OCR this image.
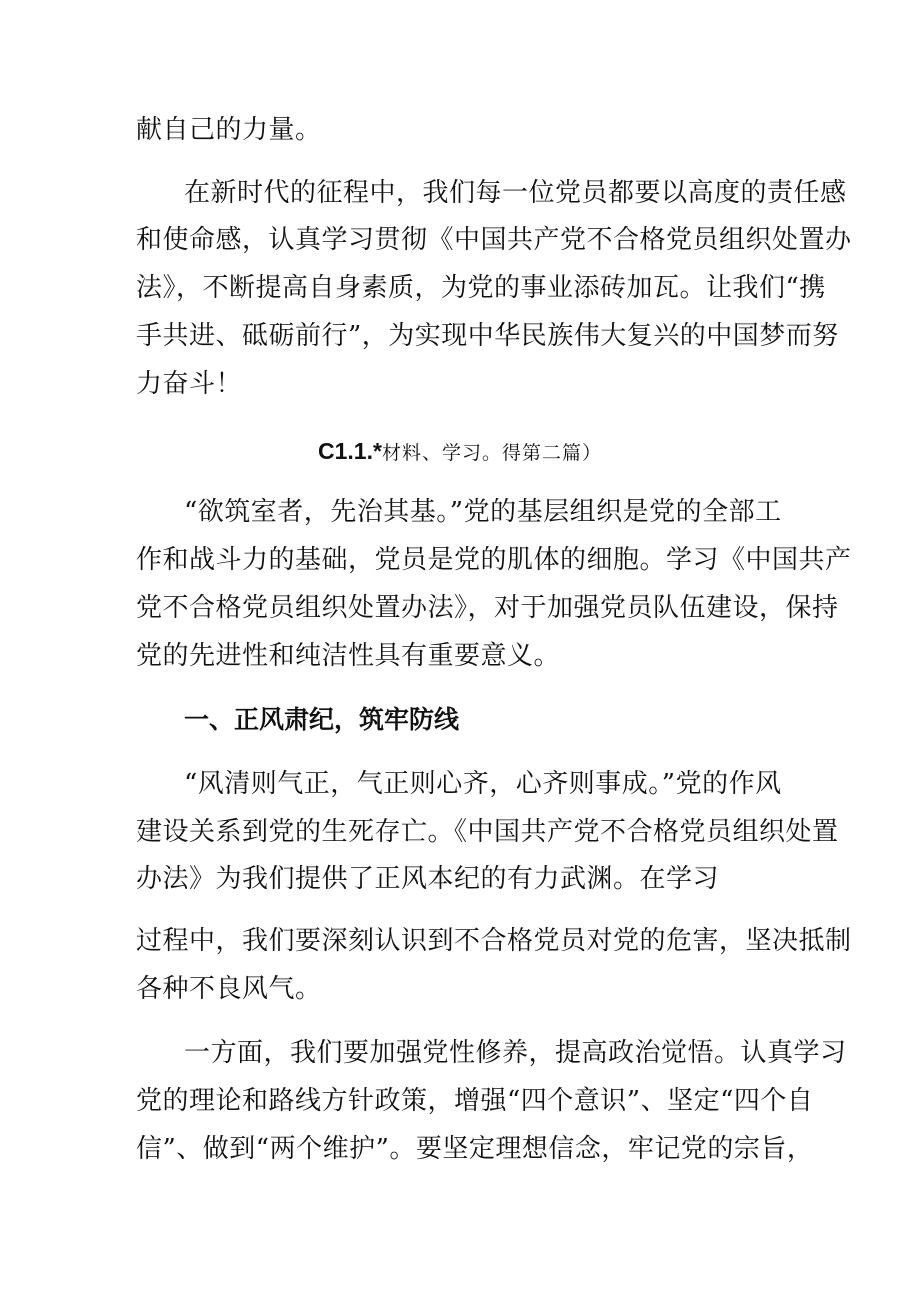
献自己的力量。
在新时代的征程中，我们每一位党员都要以高度的责任感
和使命感，认真学习贯彻《中国共产党不合格党员组织处置办
法》，不断提高自身素质，为党的事业添砖加瓦。让我们“携
手共进、砥砺前行”，为实现中华民族伟大复兴的中国梦而努
力奋斗！
C1.1.*材料、学习。得第二篇）
“欲筑室者，先治其基。”党的基层组织是党的全部工
作和战斗力的基础，党员是党的肌体的细胞。学习《中国共产
党不合格党员组织处置办法》，对于加强党员队伍建设，保持
党的先进性和纯洁性具有重要意义。
一、正风肃纪，筑牢防线
“风清则气正，气正则心齐，心齐则事成。”党的作风
建设关系到党的生死存亡。《中国共产党不合格党员组织处置
办法》为我们提供了正风本纪的有力武渊。在学习
过程中，我们要深刻认识到不合格党员对党的危害，坚决抵制
各种不良风气。
一方面，我们要加强党性修养，提高政治觉悟。认真学习
党的理论和路线方针政策，增强“四个意识”、坚定“四个自
信”、做到“两个维护”。要坚定理想信念，牢记党的宗旨，
